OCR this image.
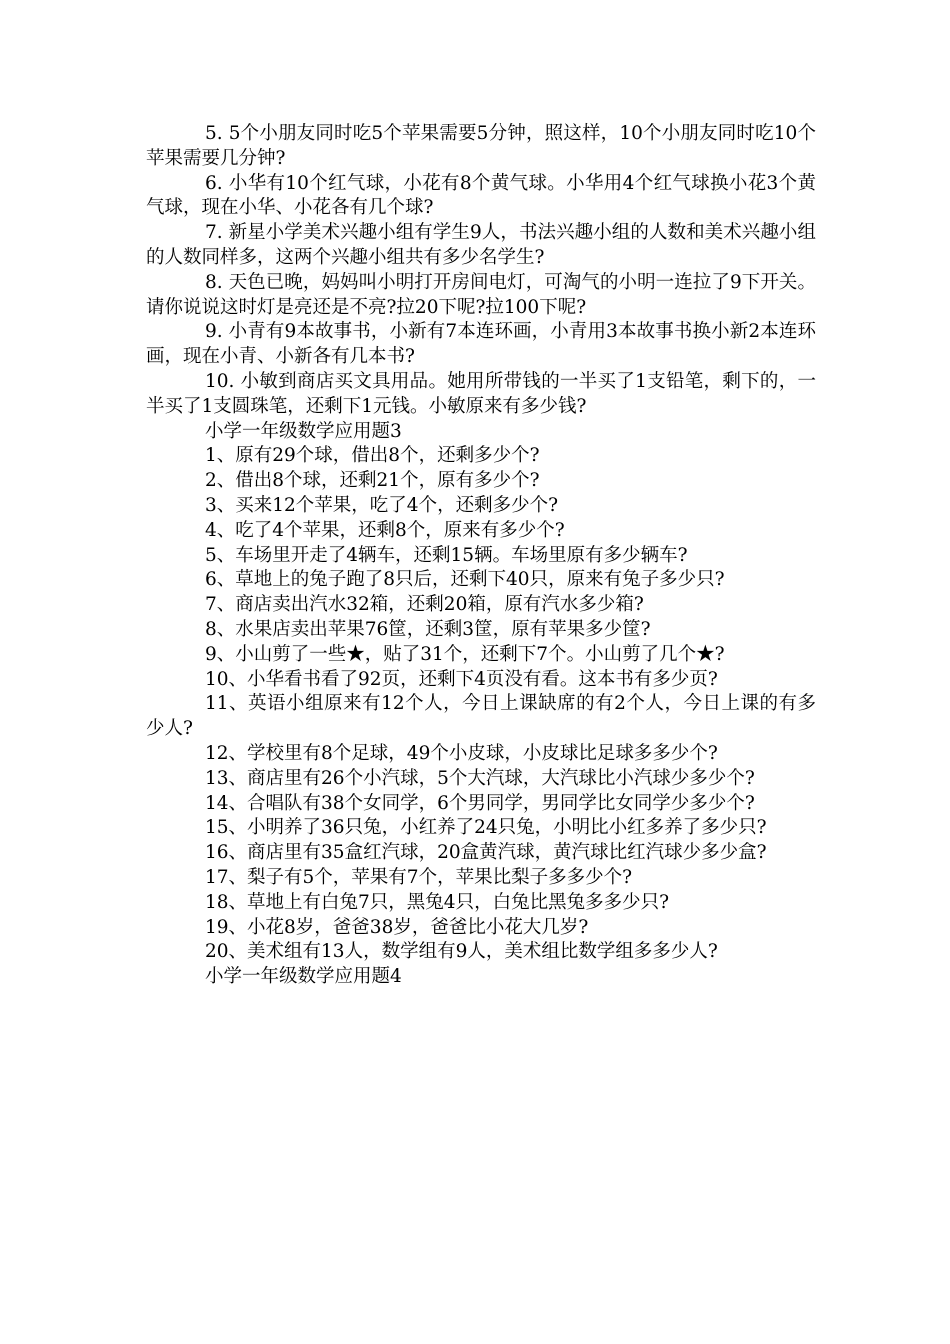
5. 5个小朋友同时吃5个苹果需要5分钟，照这样，10个小朋友同时吃10个苹果需要几分钟?

6. 小华有10个红气球，小花有8个黄气球。小华用4个红气球换小花3个黄气球，现在小华、小花各有几个球?

7. 新星小学美术兴趣小组有学生9人，书法兴趣小组的人数和美术兴趣小组的人数同样多，这两个兴趣小组共有多少名学生?

8. 天色已晚，妈妈叫小明打开房间电灯，可淘气的小明一连拉了9下开关。请你说说这时灯是亮还是不亮?拉20下呢?拉100下呢?

9. 小青有9本故事书，小新有7本连环画，小青用3本故事书换小新2本连环画，现在小青、小新各有几本书?

10. 小敏到商店买文具用品。她用所带钱的一半买了1支铅笔，剩下的，一半买了1支圆珠笔，还剩下1元钱。小敏原来有多少钱?

小学一年级数学应用题3

1、原有29个球，借出8个，还剩多少个?

2、借出8个球，还剩21个，原有多少个?

3、买来12个苹果，吃了4个，还剩多少个?

4、吃了4个苹果，还剩8个，原来有多少个?

5、车场里开走了4辆车，还剩15辆。车场里原有多少辆车?

6、草地上的兔子跑了8只后，还剩下40只，原来有兔子多少只?

7、商店卖出汽水32箱，还剩20箱，原有汽水多少箱?

8、水果店卖出苹果76筐，还剩3筐，原有苹果多少筐?

9、小山剪了一些★，贴了31个，还剩下7个。小山剪了几个★?

10、小华看书看了92页，还剩下4页没有看。这本书有多少页?

11、英语小组原来有12个人，今日上课缺席的有2个人，今日上课的有多少人?

12、学校里有8个足球，49个小皮球，小皮球比足球多多少个?

13、商店里有26个小汽球，5个大汽球，大汽球比小汽球少多少个?

14、合唱队有38个女同学，6个男同学，男同学比女同学少多少个?

15、小明养了36只兔，小红养了24只兔，小明比小红多养了多少只?

16、商店里有35盒红汽球，20盒黄汽球，黄汽球比红汽球少多少盒?

17、梨子有5个，苹果有7个，苹果比梨子多多少个?

18、草地上有白兔7只，黑兔4只，白兔比黑兔多多少只?

19、小花8岁，爸爸38岁，爸爸比小花大几岁?

20、美术组有13人，数学组有9人，美术组比数学组多多少人?

小学一年级数学应用题4
